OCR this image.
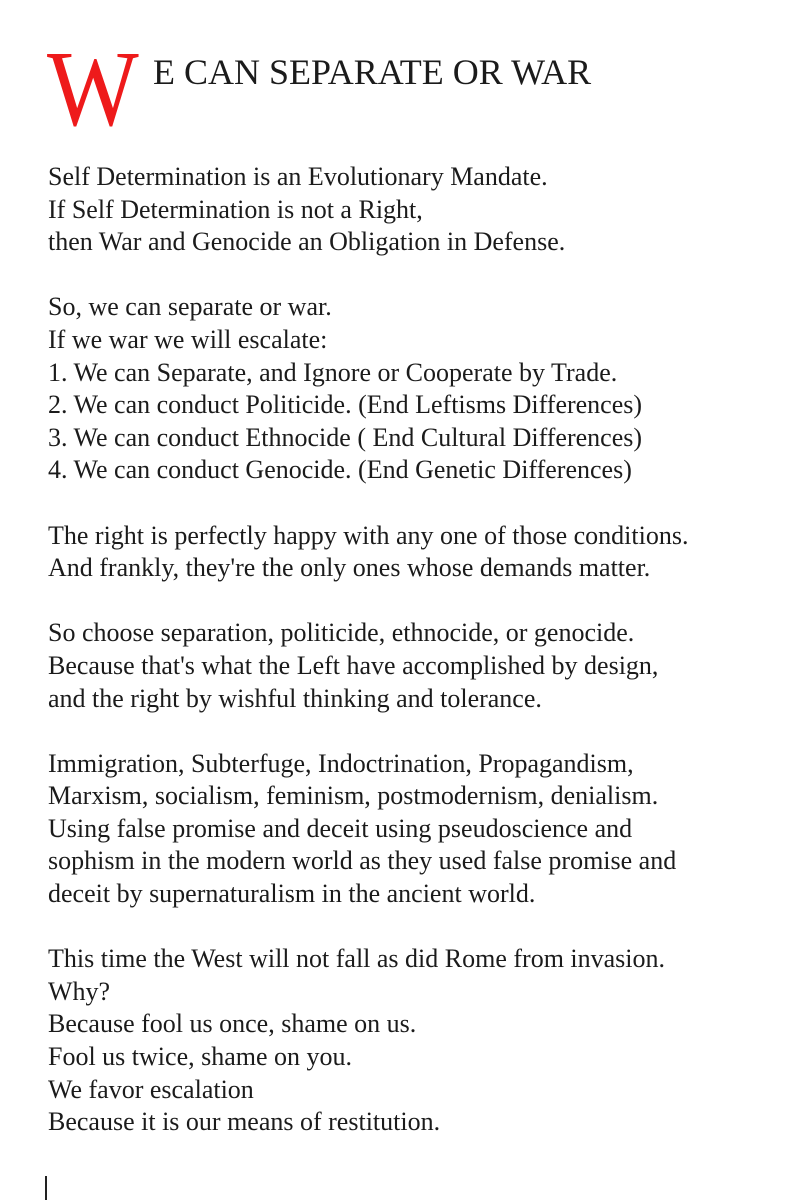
W E CAN SEPARATE OR WAR
Self Determination is an Evolutionary Mandate.
If Self Determination is not a Right,
then War and Genocide an Obligation in Defense.
So, we can separate or war.
If we war we will escalate:
1. We can Separate, and Ignore or Cooperate by Trade.
2. We can conduct Politicide. (End Leftisms Differences)
3. We can conduct Ethnocide ( End Cultural Differences)
4. We can conduct Genocide. (End Genetic Differences)
The right is perfectly happy with any one of those conditions.
And frankly, they're the only ones whose demands matter.
So choose separation, politicide, ethnocide, or genocide.
Because that's what the Left have accomplished by design,
and the right by wishful thinking and tolerance.
Immigration, Subterfuge, Indoctrination, Propagandism,
Marxism, socialism, feminism, postmodernism, denialism.
Using false promise and deceit using pseudoscience and
sophism in the modern world as they used false promise and
deceit by supernaturalism in the ancient world.
This time the West will not fall as did Rome from invasion.
Why?
Because fool us once, shame on us.
Fool us twice, shame on you.
We favor escalation
Because it is our means of restitution.
